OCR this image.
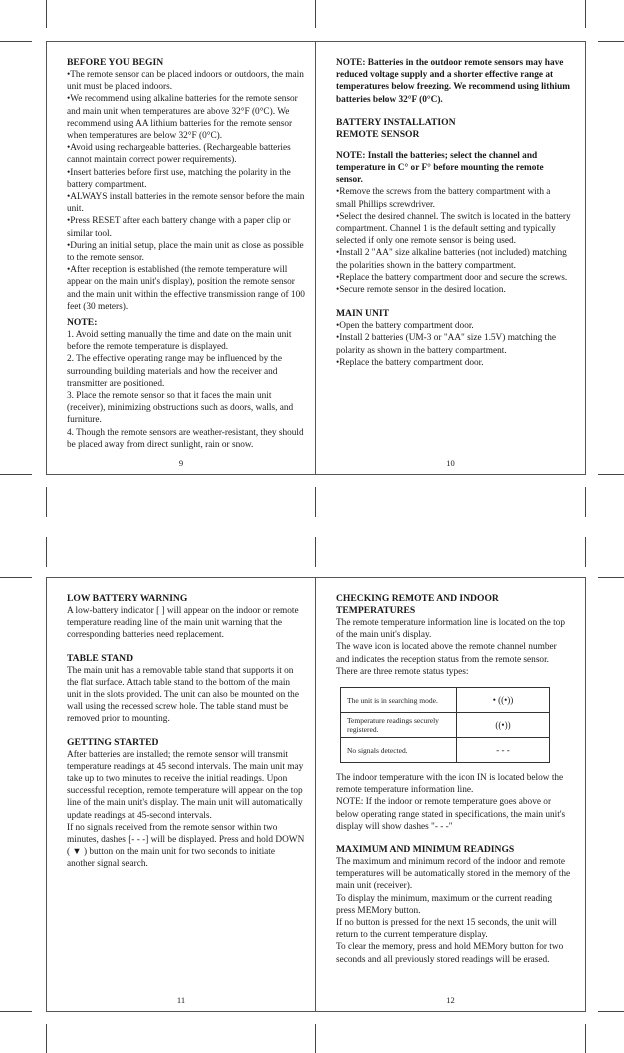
BEFORE YOU BEGIN
•The remote sensor can be placed indoors or outdoors, the main unit must be placed indoors.
•We recommend using alkaline batteries for the remote sensor and main unit when temperatures are above 32°F (0°C). We recommend using AA lithium batteries for the remote sensor when temperatures are below 32°F (0°C).
•Avoid using rechargeable batteries. (Rechargeable batteries cannot maintain correct power requirements).
•Insert batteries before first use, matching the polarity in the battery compartment.
•ALWAYS install batteries in the remote sensor before the main unit.
•Press RESET after each battery change with a paper clip or similar tool.
•During an initial setup, place the main unit as close as possible to the remote sensor.
•After reception is established (the remote temperature will appear on the main unit's display), position the remote sensor and the main unit within the effective transmission range of 100 feet (30 meters).
NOTE:
1. Avoid setting manually the time and date on the main unit before the remote temperature is displayed.
2. The effective operating range may be influenced by the surrounding building materials and how the receiver and transmitter are positioned.
3. Place the remote sensor so that it faces the main unit (receiver), minimizing obstructions such as doors, walls, and furniture.
4. Though the remote sensors are weather-resistant, they should be placed away from direct sunlight, rain or snow.
9
NOTE: Batteries in the outdoor remote sensors may have reduced voltage supply and a shorter effective range at temperatures below freezing. We recommend using lithium batteries below 32°F (0°C).
BATTERY INSTALLATION
REMOTE SENSOR
NOTE: Install the batteries; select the channel and temperature in C° or F° before mounting the remote sensor.
•Remove the screws from the battery compartment with a small Phillips screwdriver.
•Select the desired channel. The switch is located in the battery compartment. Channel 1 is the default setting and typically selected if only one remote sensor is being used.
•Install 2 "AA" size alkaline batteries (not included) matching the polarities shown in the battery compartment.
•Replace the battery compartment door and secure the screws.
•Secure remote sensor in the desired location.
MAIN UNIT
•Open the battery compartment door.
•Install 2 batteries (UM-3 or "AA" size 1.5V) matching the polarity as shown in the battery compartment.
•Replace the battery compartment door.
10
LOW BATTERY WARNING
A low-battery indicator [ ] will appear on the indoor or remote temperature reading line of the main unit warning that the corresponding batteries need replacement.
TABLE STAND
The main unit has a removable table stand that supports it on the flat surface. Attach table stand to the bottom of the main unit in the slots provided. The unit can also be mounted on the wall using the recessed screw hole. The table stand must be removed prior to mounting.
GETTING STARTED
After batteries are installed; the remote sensor will transmit temperature readings at 45 second intervals. The main unit may take up to two minutes to receive the initial readings. Upon successful reception, remote temperature will appear on the top line of the main unit's display. The main unit will automatically update readings at 45-second intervals.
If no signals received from the remote sensor within two minutes, dashes [- - -] will be displayed. Press and hold DOWN ( ▼ ) button on the main unit for two seconds to initiate another signal search.
11
CHECKING REMOTE AND INDOOR TEMPERATURES
The remote temperature information line is located on the top of the main unit's display.
The wave icon is located above the remote channel number and indicates the reception status from the remote sensor.
There are three remote status types:
The unit is in searching mode.	• ((•))
Temperature readings securely registered.	((•))
No signals detected.	- - -
The indoor temperature with the icon IN is located below the remote temperature information line.
NOTE: If the indoor or remote temperature goes above or below operating range stated in specifications, the main unit's display will show dashes "- - -"
MAXIMUM AND MINIMUM READINGS
The maximum and minimum record of the indoor and remote temperatures will be automatically stored in the memory of the main unit (receiver).
To display the minimum, maximum or the current reading press MEMory button.
If no button is pressed for the next 15 seconds, the unit will return to the current temperature display.
To clear the memory, press and hold MEMory button for two seconds and all previously stored readings will be erased.
12
